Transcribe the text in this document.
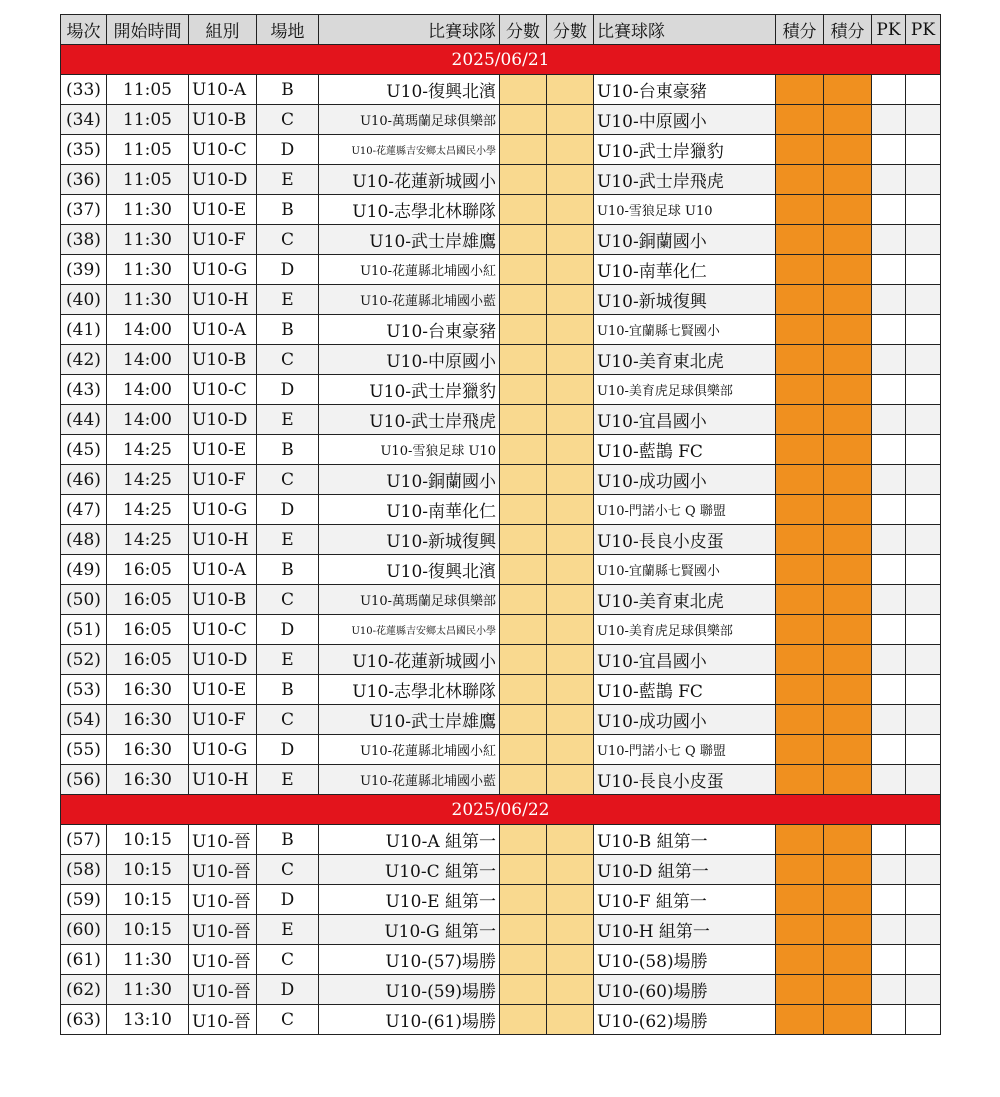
場次	開始時間	組別	場地	比賽球隊	分數	分數	比賽球隊	積分	積分	PK	PK
2025/06/21											
(33)	11:05	U10-A	B	U10-復興北濱			U10-台東豪豬				
(34)	11:05	U10-B	C	U10-萬瑪蘭足球俱樂部			U10-中原國小				
(35)	11:05	U10-C	D	U10-花蓮縣吉安鄉太昌國民小學			U10-武士岸獵豹				
(36)	11:05	U10-D	E	U10-花蓮新城國小			U10-武士岸飛虎				
(37)	11:30	U10-E	B	U10-志學北林聯隊			U10-雪狼足球 U10				
(38)	11:30	U10-F	C	U10-武士岸雄鷹			U10-銅蘭國小				
(39)	11:30	U10-G	D	U10-花蓮縣北埔國小紅			U10-南華化仁				
(40)	11:30	U10-H	E	U10-花蓮縣北埔國小藍			U10-新城復興				
(41)	14:00	U10-A	B	U10-台東豪豬			U10-宜蘭縣七賢國小				
(42)	14:00	U10-B	C	U10-中原國小			U10-美育東北虎				
(43)	14:00	U10-C	D	U10-武士岸獵豹			U10-美育虎足球俱樂部				
(44)	14:00	U10-D	E	U10-武士岸飛虎			U10-宜昌國小				
(45)	14:25	U10-E	B	U10-雪狼足球 U10			U10-藍鵲 FC				
(46)	14:25	U10-F	C	U10-銅蘭國小			U10-成功國小				
(47)	14:25	U10-G	D	U10-南華化仁			U10-門諾小七 Q 聯盟				
(48)	14:25	U10-H	E	U10-新城復興			U10-長良小皮蛋				
(49)	16:05	U10-A	B	U10-復興北濱			U10-宜蘭縣七賢國小				
(50)	16:05	U10-B	C	U10-萬瑪蘭足球俱樂部			U10-美育東北虎				
(51)	16:05	U10-C	D	U10-花蓮縣吉安鄉太昌國民小學			U10-美育虎足球俱樂部				
(52)	16:05	U10-D	E	U10-花蓮新城國小			U10-宜昌國小				
(53)	16:30	U10-E	B	U10-志學北林聯隊			U10-藍鵲 FC				
(54)	16:30	U10-F	C	U10-武士岸雄鷹			U10-成功國小				
(55)	16:30	U10-G	D	U10-花蓮縣北埔國小紅			U10-門諾小七 Q 聯盟				
(56)	16:30	U10-H	E	U10-花蓮縣北埔國小藍			U10-長良小皮蛋				
2025/06/22											
(57)	10:15	U10-晉	B	U10-A 組第一			U10-B 組第一				
(58)	10:15	U10-晉	C	U10-C 組第一			U10-D 組第一				
(59)	10:15	U10-晉	D	U10-E 組第一			U10-F 組第一				
(60)	10:15	U10-晉	E	U10-G 組第一			U10-H 組第一				
(61)	11:30	U10-晉	C	U10-(57)場勝			U10-(58)場勝				
(62)	11:30	U10-晉	D	U10-(59)場勝			U10-(60)場勝				
(63)	13:10	U10-晉	C	U10-(61)場勝			U10-(62)場勝				
